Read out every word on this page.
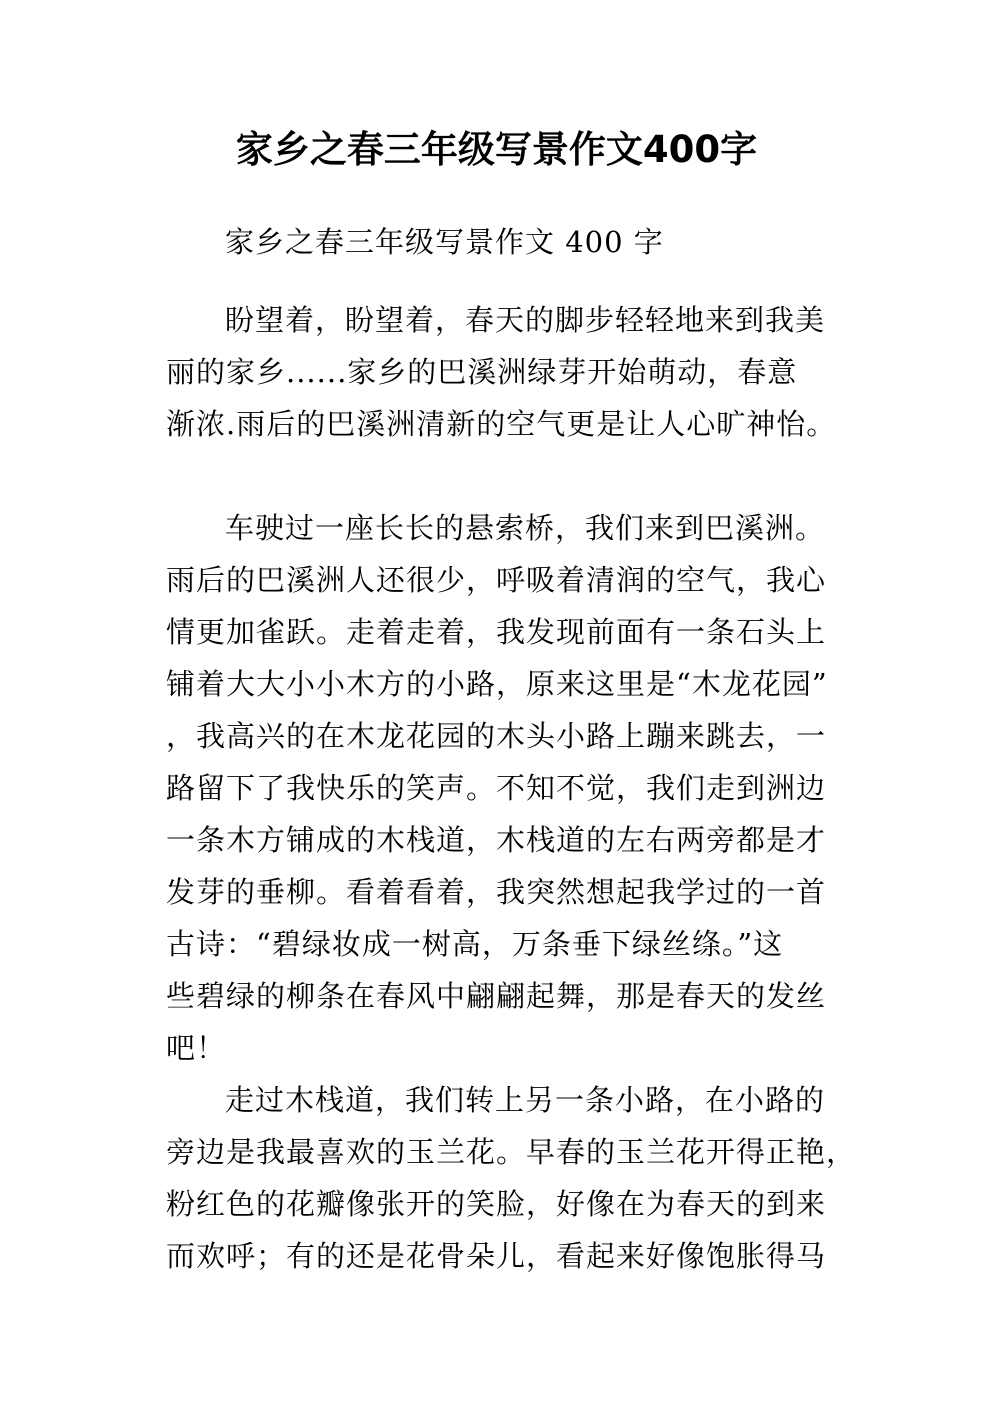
家乡之春三年级写景作文400字
家乡之春三年级写景作文 400 字
盼望着，盼望着，春天的脚步轻轻地来到我美
丽的家乡......家乡的巴溪洲绿芽开始萌动，春意
渐浓.雨后的巴溪洲清新的空气更是让人心旷神怡。
车驶过一座长长的悬索桥，我们来到巴溪洲。
雨后的巴溪洲人还很少，呼吸着清润的空气，我心
情更加雀跃。走着走着，我发现前面有一条石头上
铺着大大小小木方的小路，原来这里是“木龙花园”
，我高兴的在木龙花园的木头小路上蹦来跳去，一
路留下了我快乐的笑声。不知不觉，我们走到洲边
一条木方铺成的木栈道，木栈道的左右两旁都是才
发芽的垂柳。看着看着，我突然想起我学过的一首
古诗：“碧绿妆成一树高，万条垂下绿丝绦。”这
些碧绿的柳条在春风中翩翩起舞，那是春天的发丝
吧！
走过木栈道，我们转上另一条小路，在小路的
旁边是我最喜欢的玉兰花。早春的玉兰花开得正艳，
粉红色的花瓣像张开的笑脸，好像在为春天的到来
而欢呼；有的还是花骨朵儿，看起来好像饱胀得马
